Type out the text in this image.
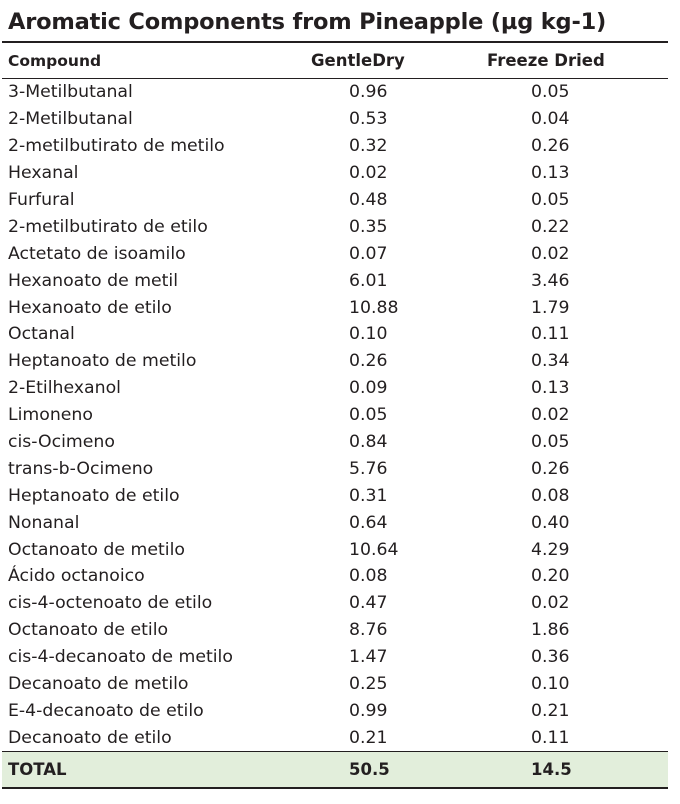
Aromatic Components from Pineapple (µg kg-1)
Compound	GentleDry	Freeze Dried
3-Metilbutanal	0.96	0.05
2-Metilbutanal	0.53	0.04
2-metilbutirato de metilo	0.32	0.26
Hexanal	0.02	0.13
Furfural	0.48	0.05
2-metilbutirato de etilo	0.35	0.22
Actetato de isoamilo	0.07	0.02
Hexanoato de metil	6.01	3.46
Hexanoato de etilo	10.88	1.79
Octanal	0.10	0.11
Heptanoato de metilo	0.26	0.34
2-Etilhexanol	0.09	0.13
Limoneno	0.05	0.02
cis-Ocimeno	0.84	0.05
trans-b-Ocimeno	5.76	0.26
Heptanoato de etilo	0.31	0.08
Nonanal	0.64	0.40
Octanoato de metilo	10.64	4.29
Ácido octanoico	0.08	0.20
cis-4-octenoato de etilo	0.47	0.02
Octanoato de etilo	8.76	1.86
cis-4-decanoato de metilo	1.47	0.36
Decanoato de metilo	0.25	0.10
E-4-decanoato de etilo	0.99	0.21
Decanoato de etilo	0.21	0.11
TOTAL	50.5	14.5
